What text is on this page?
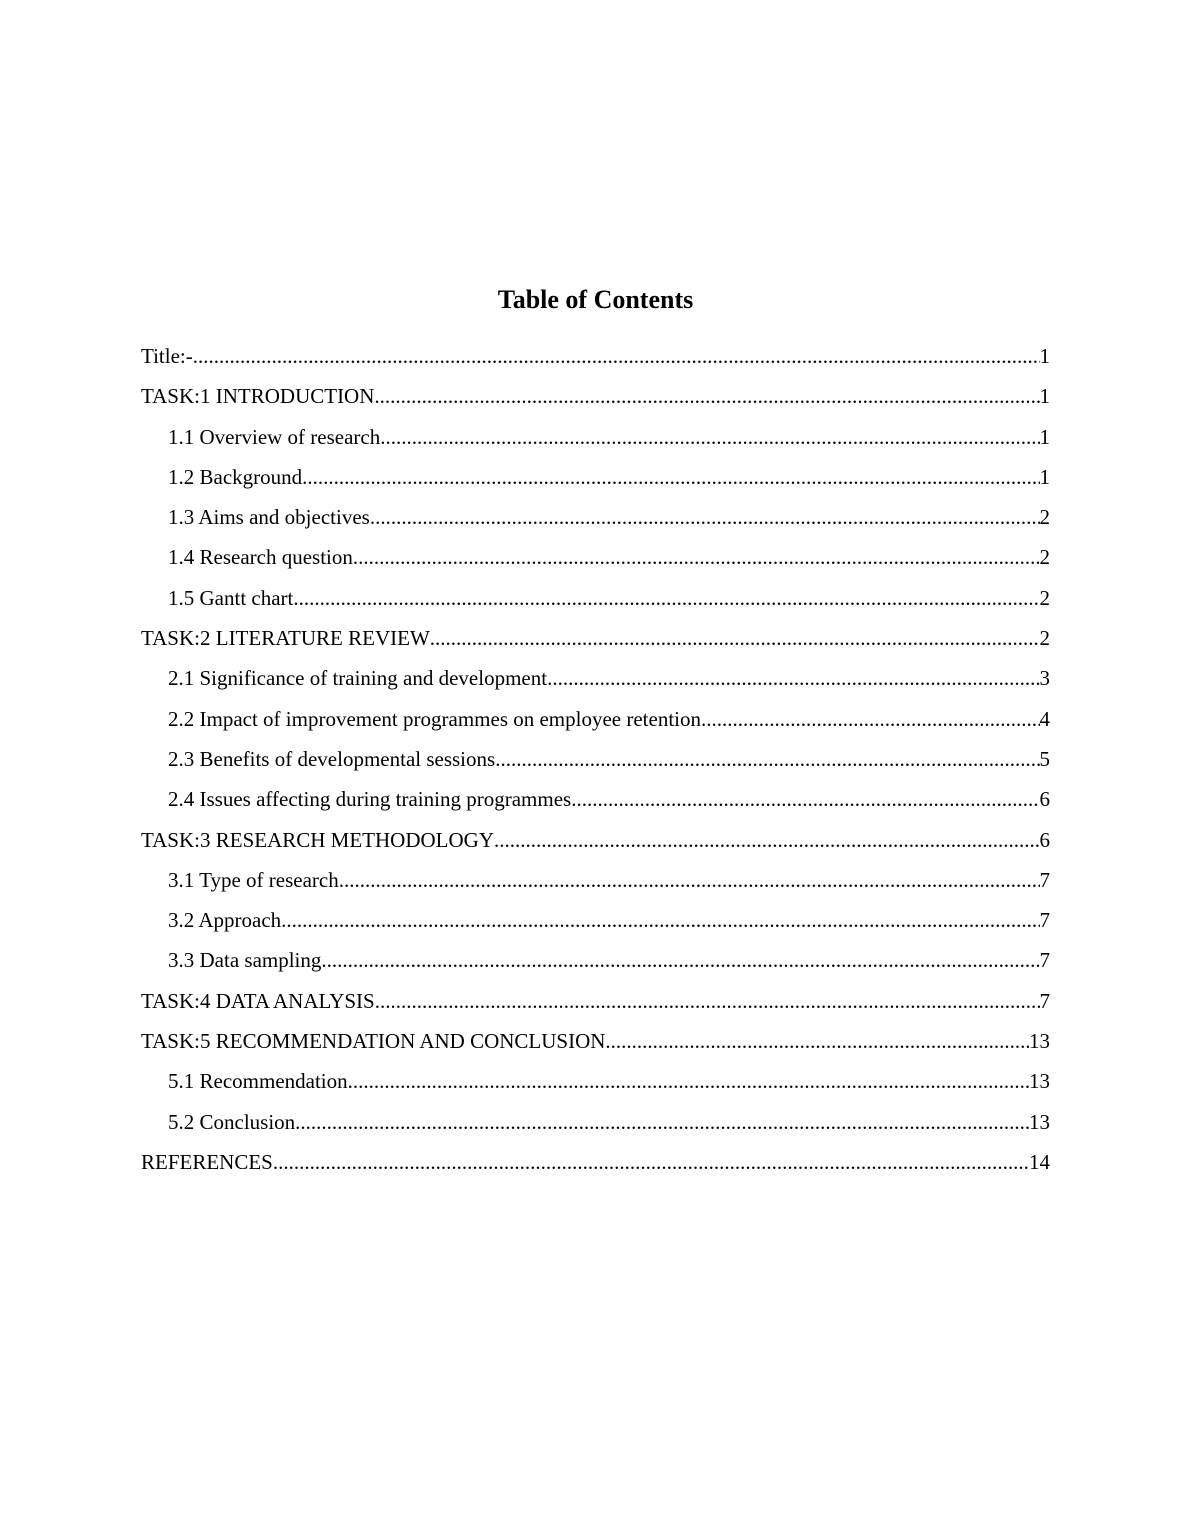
Table of Contents
Title:- .....	1
TASK:1 INTRODUCTION .....	1
1.1 Overview of research .....	1
1.2 Background .....	1
1.3 Aims and objectives .....	2
1.4 Research question .....	2
1.5 Gantt chart .....	2
TASK:2 LITERATURE REVIEW .....	2
2.1 Significance of training and development .....	3
2.2 Impact of improvement programmes on employee retention .....	4
2.3 Benefits of developmental sessions .....	5
2.4 Issues affecting during training programmes .....	6
TASK:3 RESEARCH METHODOLOGY .....	6
3.1 Type of research .....	7
3.2 Approach .....	7
3.3 Data sampling .....	7
TASK:4 DATA ANALYSIS .....	7
TASK:5 RECOMMENDATION AND CONCLUSION .....	13
5.1 Recommendation .....	13
5.2 Conclusion .....	13
REFERENCES .....	14
